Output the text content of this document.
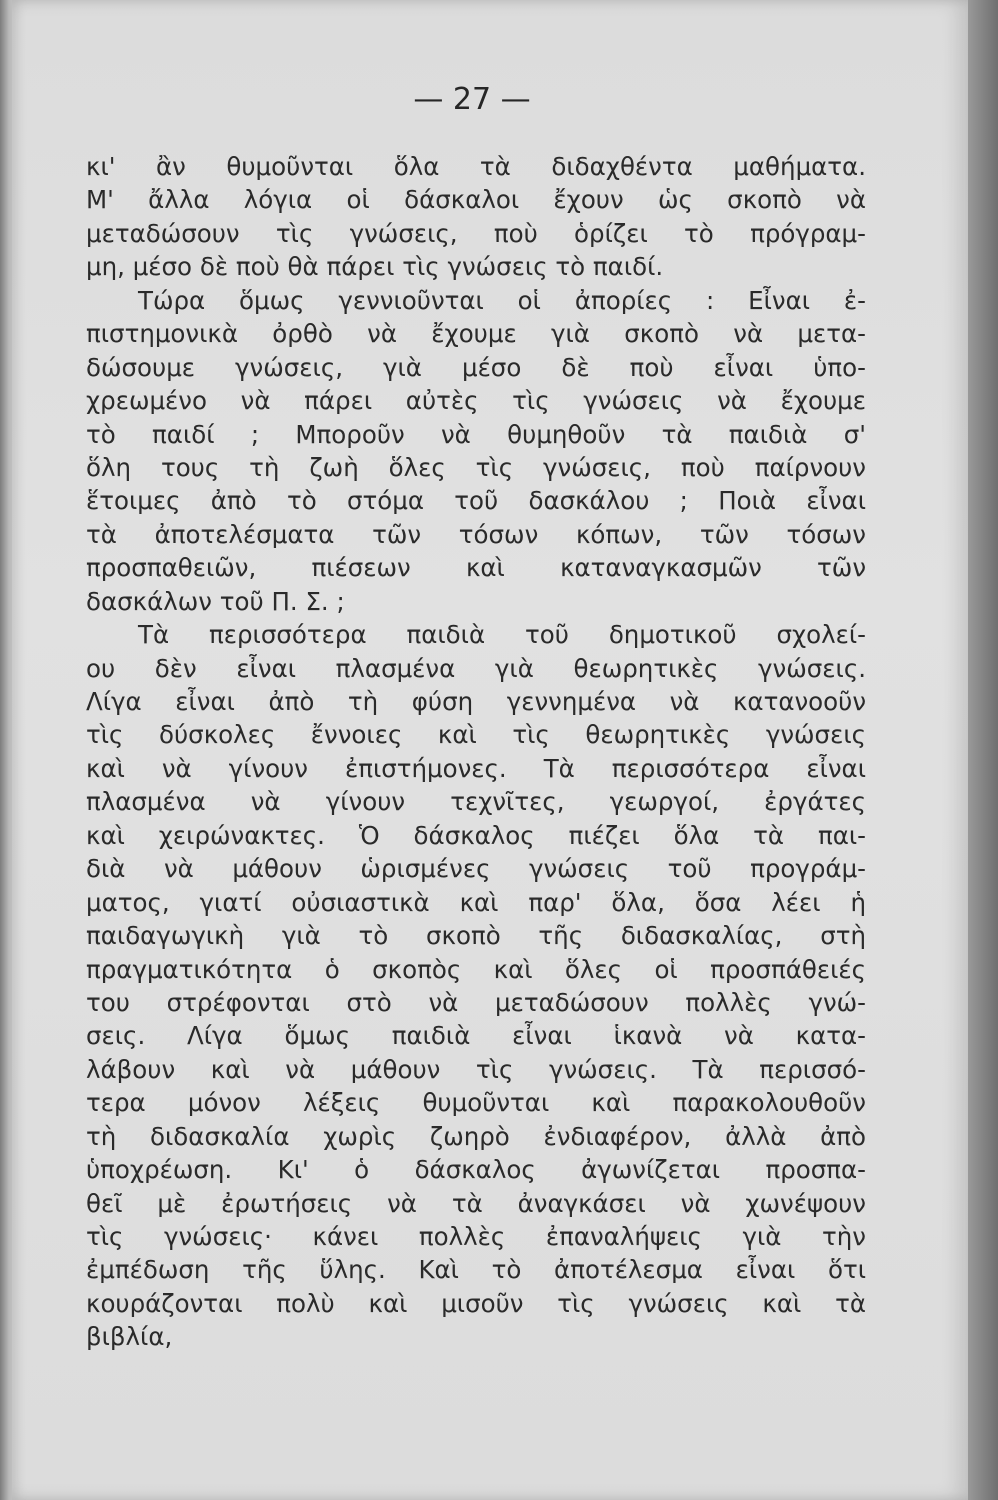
— 27 —
κι' ἂν θυμοῦνται ὅλα τὰ διδαχθέντα μαθήματα.
Μ' ἄλλα λόγια οἱ δάσκαλοι ἔχουν ὡς σκοπὸ νὰ
μεταδώσουν τὶς γνώσεις, ποὺ ὁρίζει τὸ πρόγραμ-
μη, μέσο δὲ ποὺ θὰ πάρει τὶς γνώσεις τὸ παιδί.
Τώρα ὅμως γεννιοῦνται οἱ ἀπορίες : Εἶναι ἐ-
πιστημονικὰ ὀρθὸ νὰ ἔχουμε γιὰ σκοπὸ νὰ μετα-
δώσουμε γνώσεις, γιὰ μέσο δὲ ποὺ εἶναι ὑπο-
χρεωμένο νὰ πάρει αὐτὲς τὶς γνώσεις νὰ ἔχουμε
τὸ παιδί ; Μποροῦν νὰ θυμηθοῦν τὰ παιδιὰ σ'
ὅλη τους τὴ ζωὴ ὅλες τὶς γνώσεις, ποὺ παίρνουν
ἕτοιμες ἀπὸ τὸ στόμα τοῦ δασκάλου ; Ποιὰ εἶναι
τὰ ἀποτελέσματα τῶν τόσων κόπων, τῶν τόσων
προσπαθειῶν, πιέσεων καὶ καταναγκασμῶν τῶν
δασκάλων τοῦ Π. Σ. ;
Τὰ περισσότερα παιδιὰ τοῦ δημοτικοῦ σχολεί-
ου δὲν εἶναι πλασμένα γιὰ θεωρητικὲς γνώσεις.
Λίγα εἶναι ἀπὸ τὴ φύση γεννημένα νὰ κατανοοῦν
τὶς δύσκολες ἔννοιες καὶ τὶς θεωρητικὲς γνώσεις
καὶ νὰ γίνουν ἐπιστήμονες. Τὰ περισσότερα εἶναι
πλασμένα νὰ γίνουν τεχνῖτες, γεωργοί, ἐργάτες
καὶ χειρώνακτες. Ὁ δάσκαλος πιέζει ὅλα τὰ παι-
διὰ νὰ μάθουν ὡρισμένες γνώσεις τοῦ προγράμ-
ματος, γιατί οὐσιαστικὰ καὶ παρ' ὅλα, ὅσα λέει ἡ
παιδαγωγικὴ γιὰ τὸ σκοπὸ τῆς διδασκαλίας, στὴ
πραγματικότητα ὁ σκοπὸς καὶ ὅλες οἱ προσπάθειές
του στρέφονται στὸ νὰ μεταδώσουν πολλὲς γνώ-
σεις. Λίγα ὅμως παιδιὰ εἶναι ἱκανὰ νὰ κατα-
λάβουν καὶ νὰ μάθουν τὶς γνώσεις. Τὰ περισσό-
τερα μόνον λέξεις θυμοῦνται καὶ παρακολουθοῦν
τὴ διδασκαλία χωρὶς ζωηρὸ ἐνδιαφέρον, ἀλλὰ ἀπὸ
ὑποχρέωση. Κι' ὁ δάσκαλος ἀγωνίζεται προσπα-
θεῖ μὲ ἐρωτήσεις νὰ τὰ ἀναγκάσει νὰ χωνέψουν
τὶς γνώσεις· κάνει πολλὲς ἐπαναλήψεις γιὰ τὴν
ἐμπέδωση τῆς ὕλης. Καὶ τὸ ἀποτέλεσμα εἶναι ὅτι
κουράζονται πολὺ καὶ μισοῦν τὶς γνώσεις καὶ τὰ
βιβλία,
